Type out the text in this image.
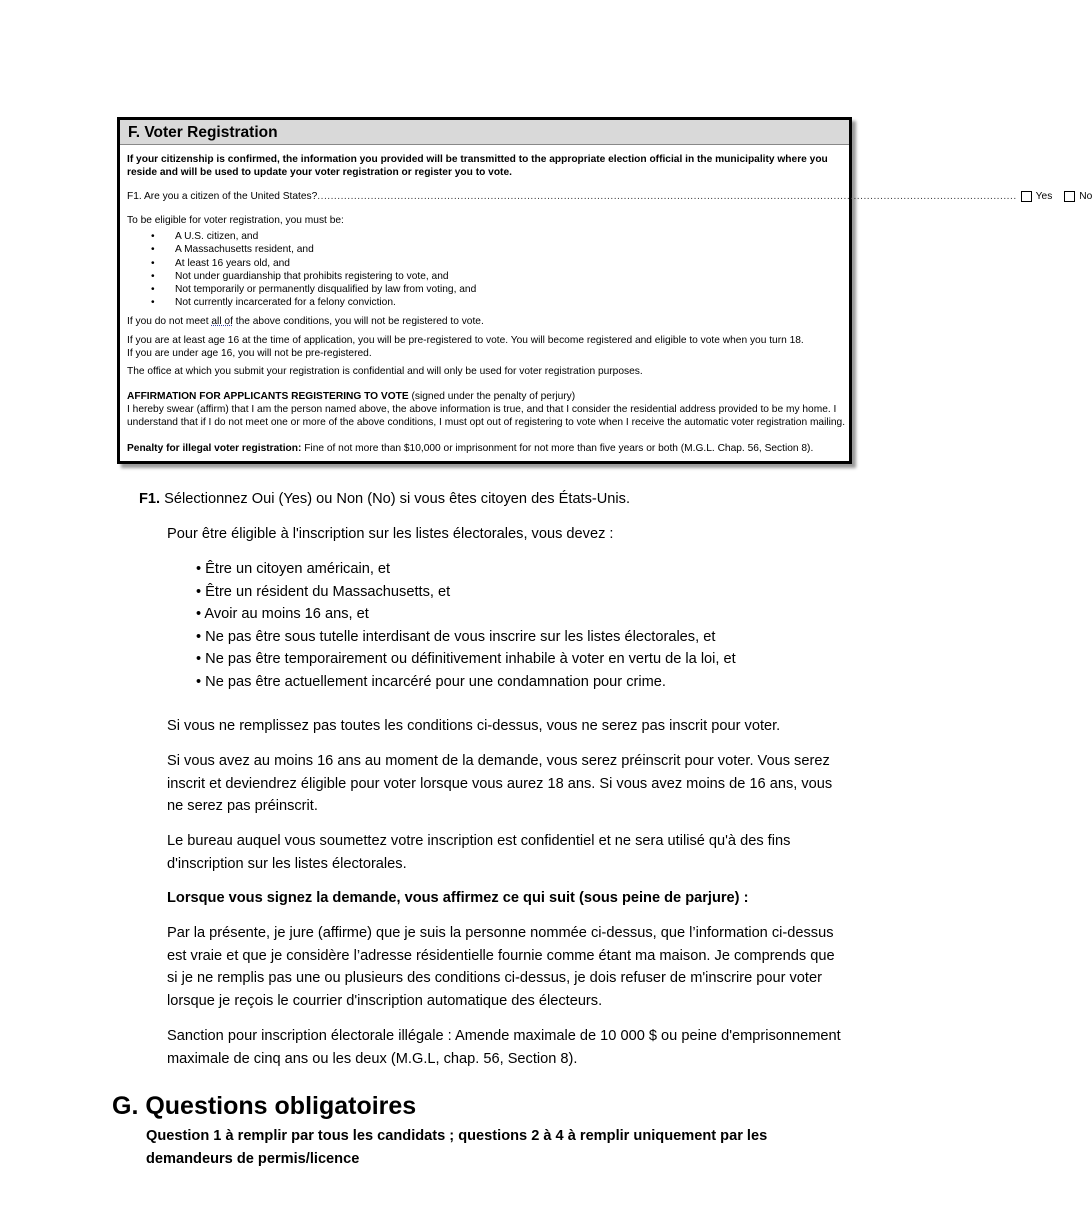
F. Voter Registration
If your citizenship is confirmed, the information you provided will be transmitted to the appropriate election official in the municipality where you reside and will be used to update your voter registration or register you to vote.
F1. Are you a citizen of the United States? .................................................................................................................................................................................................................. Yes	No
To be eligible for voter registration, you must be:
• A U.S. citizen, and
• A Massachusetts resident, and
• At least 16 years old, and
• Not under guardianship that prohibits registering to vote, and
• Not temporarily or permanently disqualified by law from voting, and
• Not currently incarcerated for a felony conviction.
If you do not meet all of the above conditions, you will not be registered to vote.
If you are at least age 16 at the time of application, you will be pre-registered to vote. You will become registered and eligible to vote when you turn 18.
If you are under age 16, you will not be pre-registered.
The office at which you submit your registration is confidential and will only be used for voter registration purposes.
AFFIRMATION FOR APPLICANTS REGISTERING TO VOTE (signed under the penalty of perjury)
I hereby swear (affirm) that I am the person named above, the above information is true, and that I consider the residential address provided to be my home. I understand that if I do not meet one or more of the above conditions, I must opt out of registering to vote when I receive the automatic voter registration mailing.
Penalty for illegal voter registration: Fine of not more than $10,000 or imprisonment for not more than five years or both (M.G.L. Chap. 56, Section 8).
F1. Sélectionnez Oui (Yes) ou Non (No) si vous êtes citoyen des États-Unis.
Pour être éligible à l'inscription sur les listes électorales, vous devez :
• Être un citoyen américain, et
• Être un résident du Massachusetts, et
• Avoir au moins 16 ans, et
• Ne pas être sous tutelle interdisant de vous inscrire sur les listes électorales, et
• Ne pas être temporairement ou définitivement inhabile à voter en vertu de la loi, et
• Ne pas être actuellement incarcéré pour une condamnation pour crime.
Si vous ne remplissez pas toutes les conditions ci-dessus, vous ne serez pas inscrit pour voter.
Si vous avez au moins 16 ans au moment de la demande, vous serez préinscrit pour voter. Vous serez inscrit et deviendrez éligible pour voter lorsque vous aurez 18 ans. Si vous avez moins de 16 ans, vous ne serez pas préinscrit.
Le bureau auquel vous soumettez votre inscription est confidentiel et ne sera utilisé qu'à des fins d'inscription sur les listes électorales.
Lorsque vous signez la demande, vous affirmez ce qui suit (sous peine de parjure) :
Par la présente, je jure (affirme) que je suis la personne nommée ci-dessus, que l’information ci-dessus est vraie et que je considère l’adresse résidentielle fournie comme étant ma maison. Je comprends que si je ne remplis pas une ou plusieurs des conditions ci-dessus, je dois refuser de m'inscrire pour voter lorsque je reçois le courrier d'inscription automatique des électeurs.
Sanction pour inscription électorale illégale : Amende maximale de 10 000 $ ou peine d'emprisonnement maximale de cinq ans ou les deux (M.G.L, chap. 56, Section 8).
G. Questions obligatoires
Question 1 à remplir par tous les candidats ; questions 2 à 4 à remplir uniquement par les demandeurs de permis/licence
